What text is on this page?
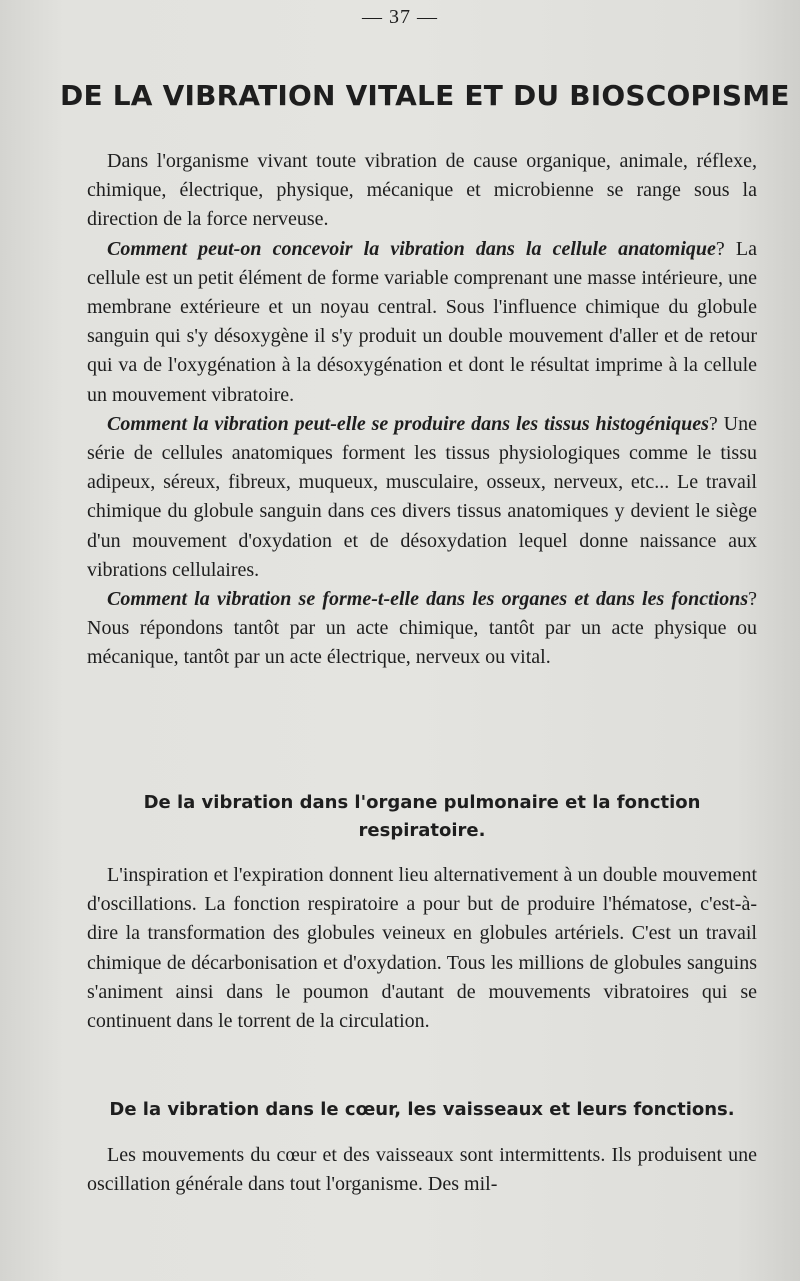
— 37 —
DE LA VIBRATION VITALE ET DU BIOSCOPISME

Dans l'organisme vivant toute vibration de cause organique, animale, réflexe, chimique, électrique, physique, mécanique et microbienne se range sous la direction de la force nerveuse.

Comment peut-on concevoir la vibration dans la cellule anatomique? La cellule est un petit élément de forme variable comprenant une masse intérieure, une membrane extérieure et un noyau central. Sous l'influence chimique du globule sanguin qui s'y désoxygène il s'y produit un double mouvement d'aller et de retour qui va de l'oxygénation à la désoxygénation et dont le résultat imprime à la cellule un mouvement vibratoire.

Comment la vibration peut-elle se produire dans les tissus histogéniques? Une série de cellules anatomiques forment les tissus physiologiques comme le tissu adipeux, séreux, fibreux, muqueux, musculaire, osseux, nerveux, etc... Le travail chimique du globule sanguin dans ces divers tissus anatomiques y devient le siège d'un mouvement d'oxydation et de désoxydation lequel donne naissance aux vibrations cellulaires.

Comment la vibration se forme-t-elle dans les organes et dans les fonctions? Nous répondons tantôt par un acte chimique, tantôt par un acte physique ou mécanique, tantôt par un acte électrique, nerveux ou vital.

De la vibration dans l'organe pulmonaire et la fonction respiratoire.

L'inspiration et l'expiration donnent lieu alternativement à un double mouvement d'oscillations. La fonction respiratoire a pour but de produire l'hématose, c'est-à-dire la transformation des globules veineux en globules artériels. C'est un travail chimique de décarbonisation et d'oxydation. Tous les millions de globules sanguins s'animent ainsi dans le poumon d'autant de mouvements vibratoires qui se continuent dans le torrent de la circulation.

De la vibration dans le cœur, les vaisseaux et leurs fonctions.

Les mouvements du cœur et des vaisseaux sont intermittents. Ils produisent une oscillation générale dans tout l'organisme. Des mil-
